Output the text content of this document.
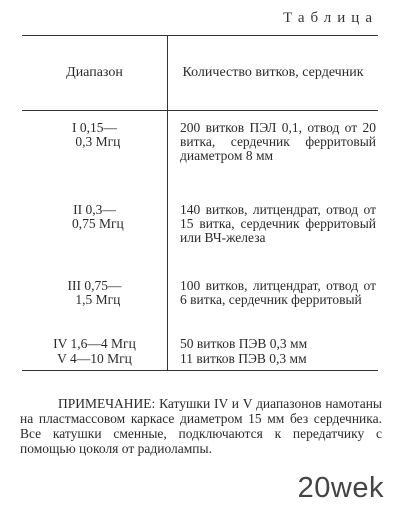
Таблица
Диапазон	Количество витков, сердечник
I 0,15—
0,3 Мгц	200 витков ПЭЛ 0,1, отвод от 20 витка, сердечник ферритовый диаметром 8 мм
II 0,3—
0,75 Мгц	140 витков, литцендрат, отвод от 15 витка, сердечник ферритовый или ВЧ-железа
III 0,75—
1,5 Мгц	100 витков, литцендрат, отвод от 6 витка, сердечник ферритовый
IV 1,6—4 Мгц	50 витков ПЭВ 0,3 мм
V 4—10 Мгц	11 витков ПЭВ 0,3 мм
ПРИМЕЧАНИЕ: Катушки IV и V диапазонов намотаны на пластмассовом каркасе диаметром 15 мм без сердечника. Все катушки сменные, подключаются к передатчику с помощью цоколя от радиолампы.
20wek
